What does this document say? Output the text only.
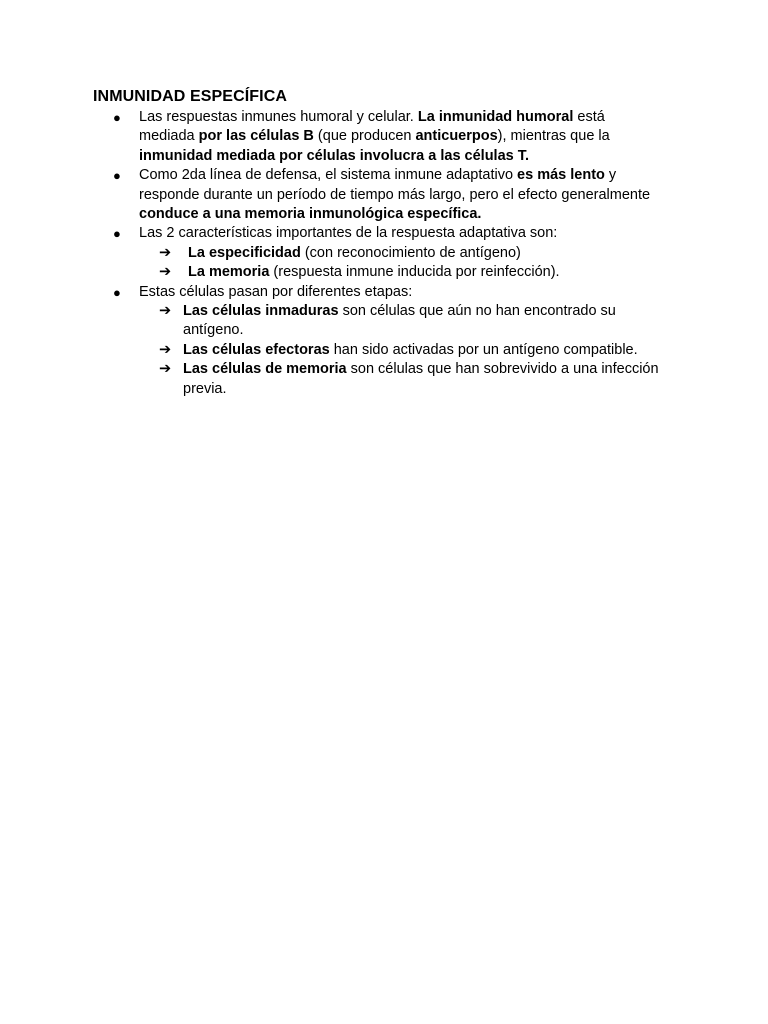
INMUNIDAD ESPECÍFICA
● Las respuestas inmunes humoral y celular. La inmunidad humoral está mediada por las células B (que producen anticuerpos), mientras que la inmunidad mediada por células involucra a las células T.
● Como 2da línea de defensa, el sistema inmune adaptativo es más lento y responde durante un período de tiempo más largo, pero el efecto generalmente conduce a una memoria inmunológica específica.
● Las 2 características importantes de la respuesta adaptativa son:
➔	La especificidad (con reconocimiento de antígeno)
➔	La memoria (respuesta inmune inducida por reinfección).
● Estas células pasan por diferentes etapas:
➔ Las células inmaduras son células que aún no han encontrado su antígeno.
➔ Las células efectoras han sido activadas por un antígeno compatible.
➔ Las células de memoria son células que han sobrevivido a una infección previa.
